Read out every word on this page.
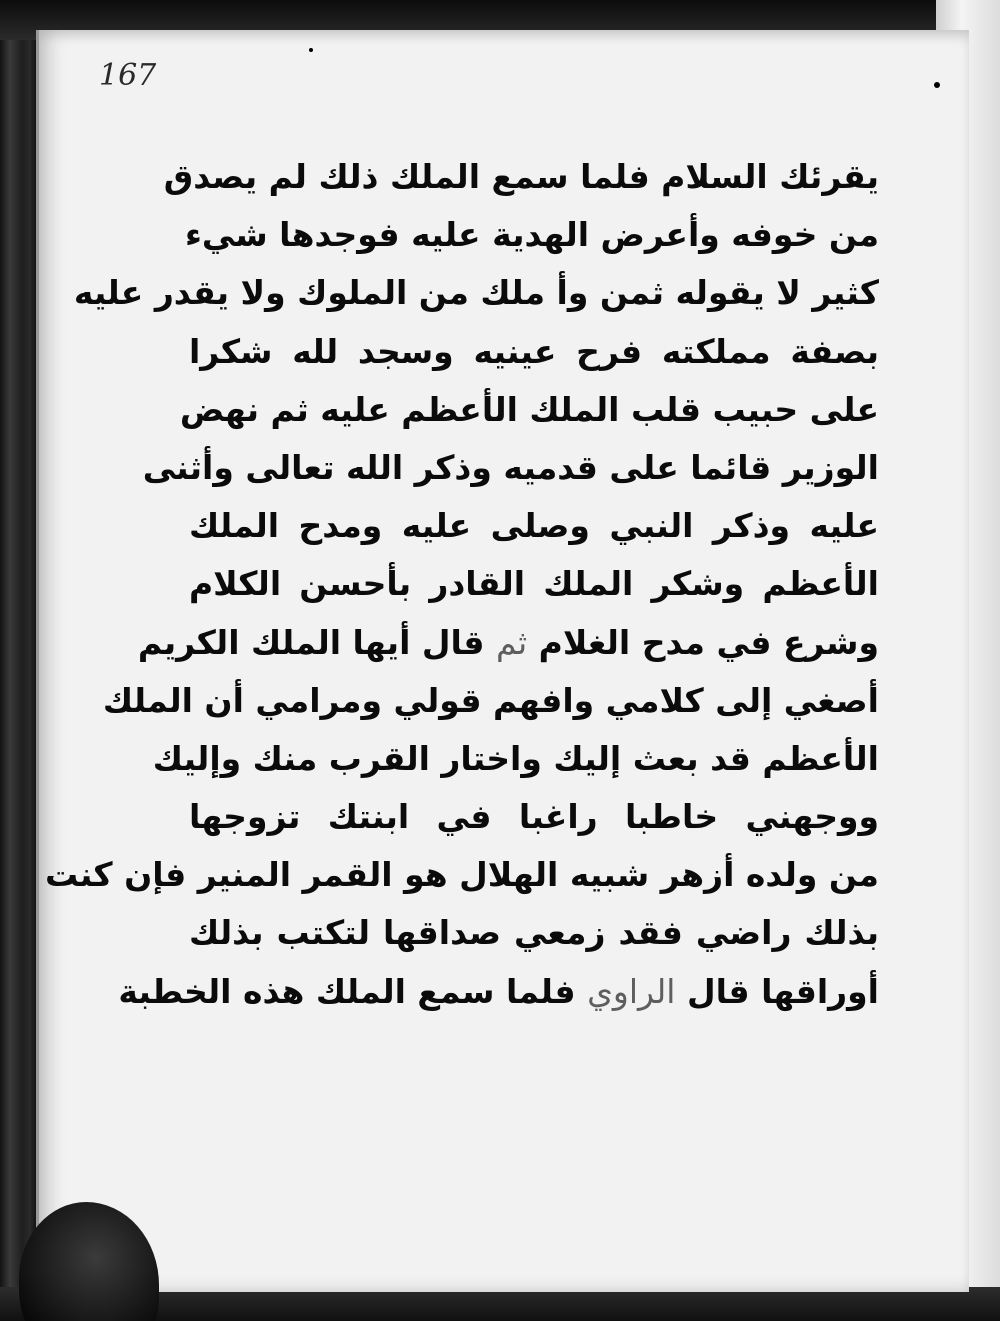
167

يقرئك السلام فلما سمع الملك ذلك لم يصدق

من خوفه وأعرض الهدية عليه فوجدها شيء

كثير لا يقوله ثمن وأ ملك من الملوك ولا يقدر عليه

بصفة مملكته فرح عينيه وسجد لله شكرا

على حبيب قلب الملك الأعظم عليه ثم نهض

الوزير قائما على قدميه وذكر الله تعالى وأثنى

عليه وذكر النبي وصلى عليه ومدح الملك

الأعظم وشكر الملك القادر بأحسن الكلام

وشرع في مدح الغلام ثم قال أيها الملك الكريم

أصغي إلى كلامي وافهم قولي ومرامي أن الملك

الأعظم قد بعث إليك واختار القرب منك وإليك

ووجهني خاطبا راغبا في ابنتك تزوجها

من ولده أزهر شبيه الهلال هو القمر المنير فإن كنت

بذلك راضي فقد زمعي صداقها لتكتب بذلك

أوراقها قال الراوي فلما سمع الملك هذه الخطبة
